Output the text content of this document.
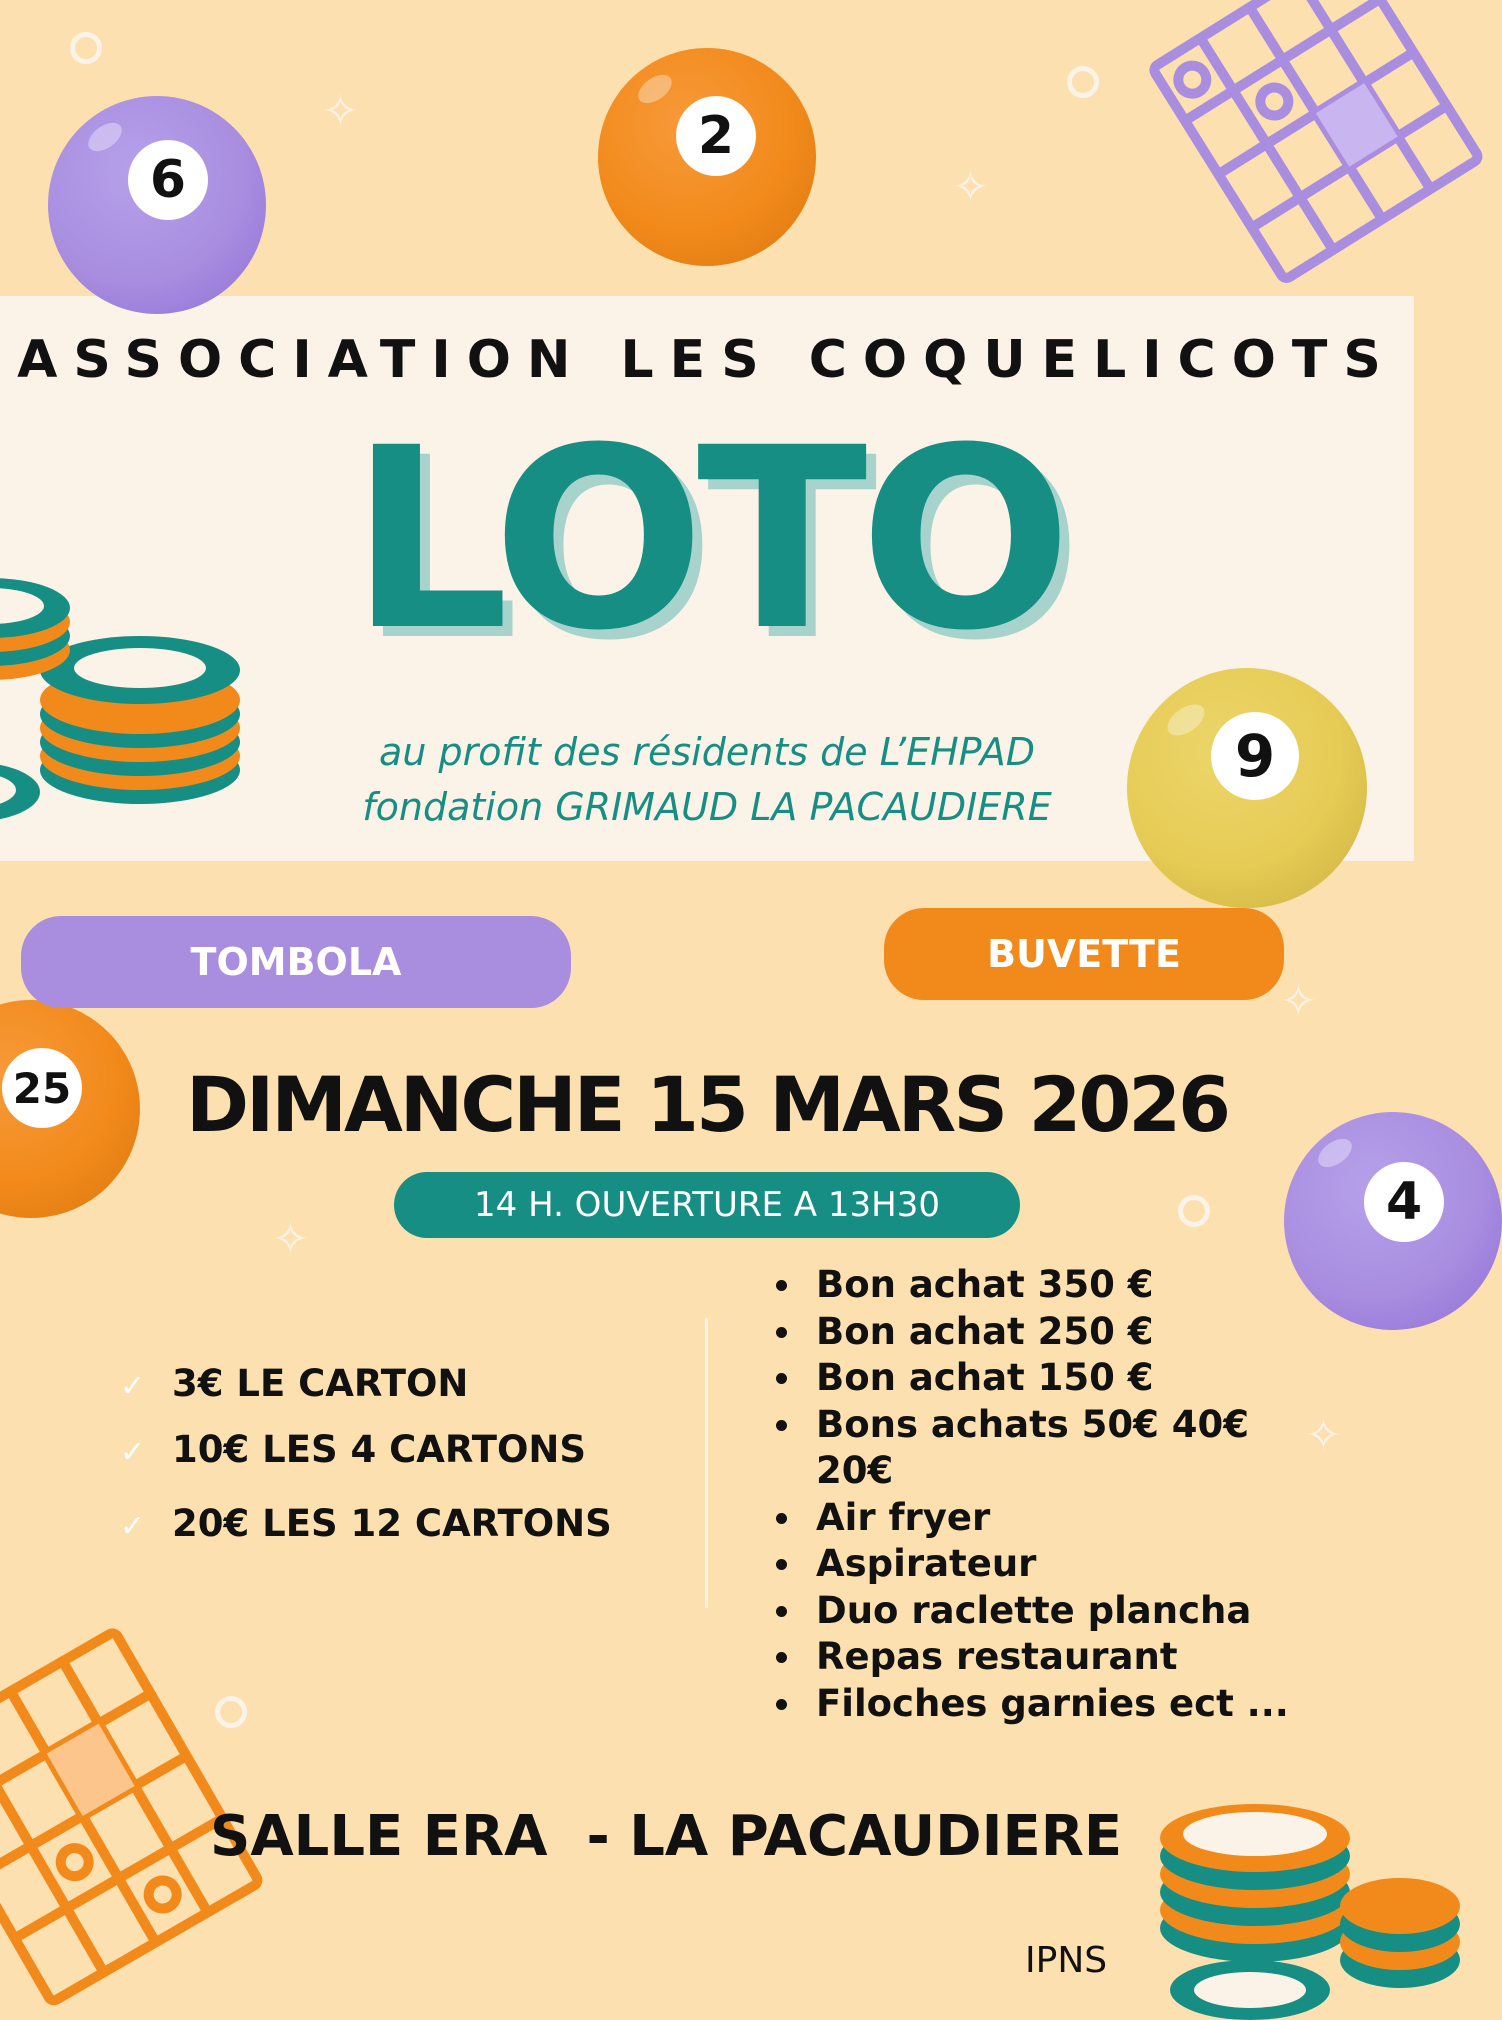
✧
✧
✧
✧
✧
6
2
9
25
4
ASSOCIATION LES COQUELICOTS
LOTO
au profit des résidents de L’EHPAD
fondation GRIMAUD LA PACAUDIERE
TOMBOLA	BUVETTE
DIMANCHE 15 MARS 2026
14 H. OUVERTURE A 13H30
✓ 3€ LE CARTON
✓ 10€ LES 4 CARTONS
✓ 20€ LES 12 CARTONS
Bon achat 350 €
Bon achat 250 €
Bon achat 150 €
Bons achats 50€ 40€ 20€
Air fryer
Aspirateur
Duo raclette plancha
Repas restaurant
Filoches garnies ect ...
SALLE ERA  - LA PACAUDIERE
IPNS
